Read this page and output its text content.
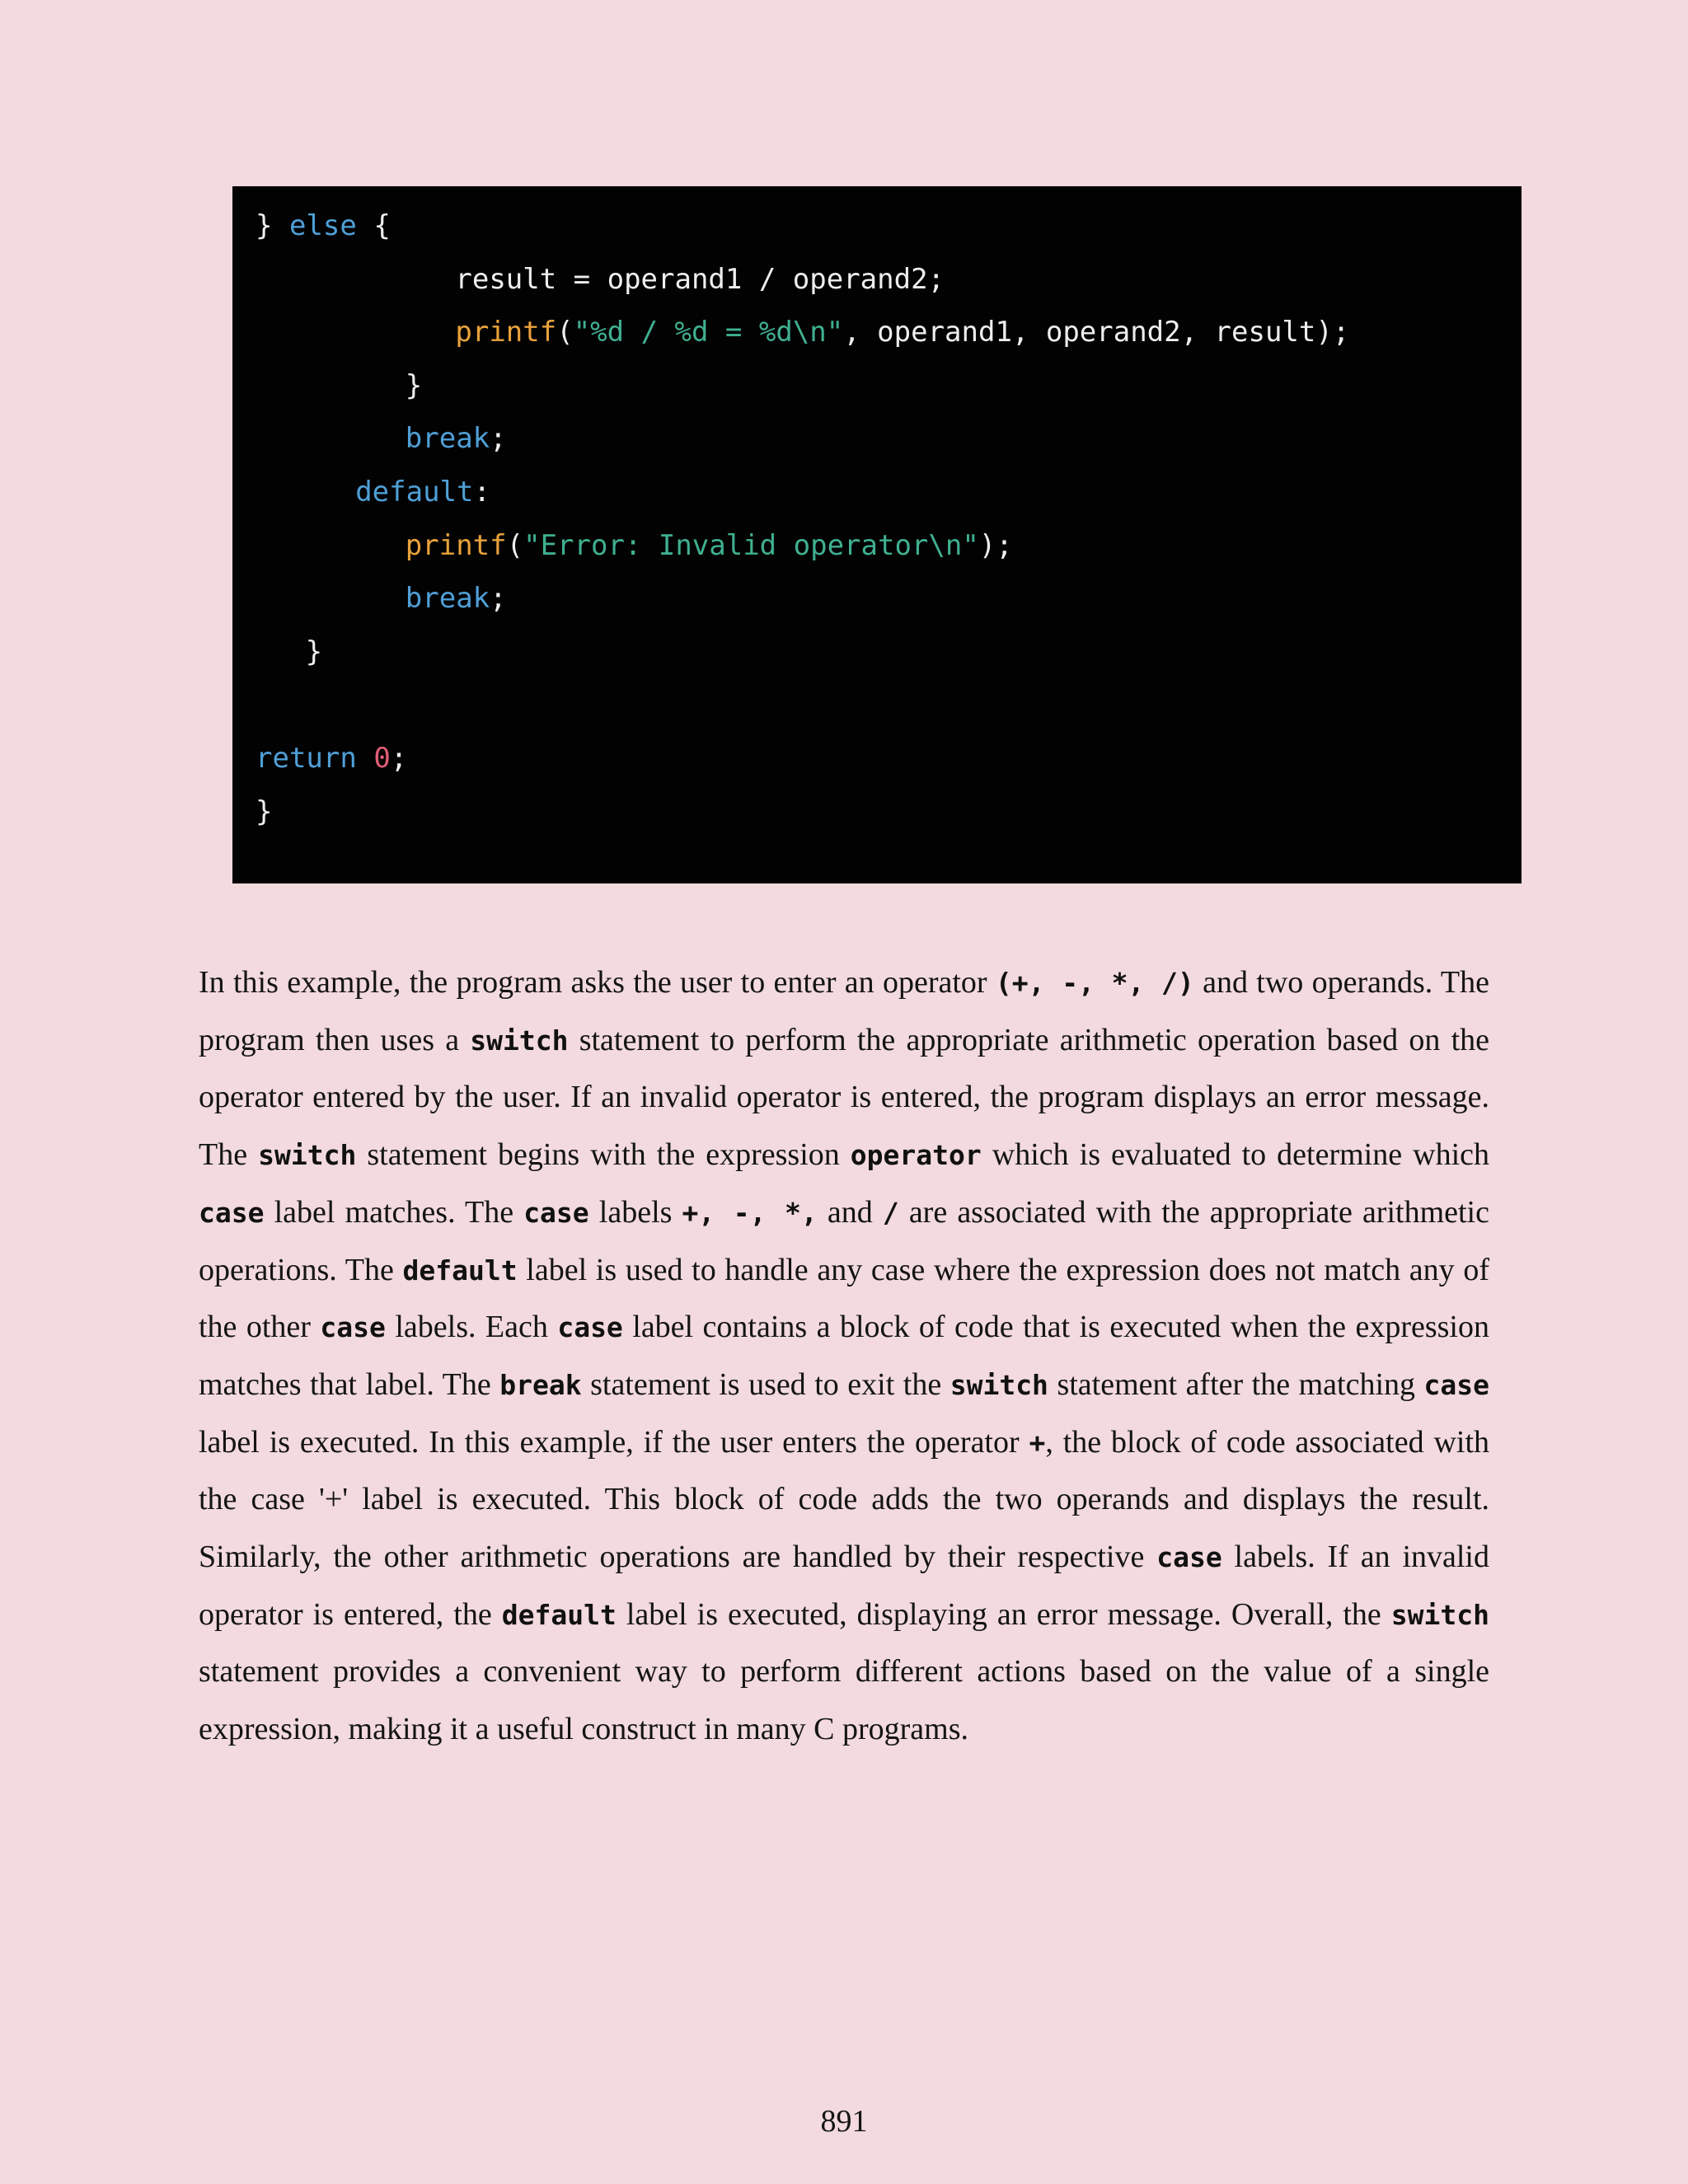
} else {
result = operand1 / operand2;
printf("%d / %d = %d\n", operand1, operand2, result);
}
break;
default:
printf("Error: Invalid operator\n");
break;
}
return 0;
}

In this example, the program asks the user to enter an operator (+, -, *, /) and two operands. The program then uses a switch statement to perform the appropriate arithmetic operation based on the operator entered by the user. If an invalid operator is entered, the program displays an error message. The switch statement begins with the expression operator which is evaluated to determine which case label matches. The case labels +, -, *, and / are associated with the appropriate arithmetic operations. The default label is used to handle any case where the expression does not match any of the other case labels. Each case label contains a block of code that is executed when the expression matches that label. The break statement is used to exit the switch statement after the matching case label is executed. In this example, if the user enters the operator +, the block of code associated with the case '+' label is executed. This block of code adds the two operands and displays the result. Similarly, the other arithmetic operations are handled by their respective case labels. If an invalid operator is entered, the default label is executed, displaying an error message. Overall, the switch statement provides a convenient way to perform different actions based on the value of a single expression, making it a useful construct in many C programs.

891
